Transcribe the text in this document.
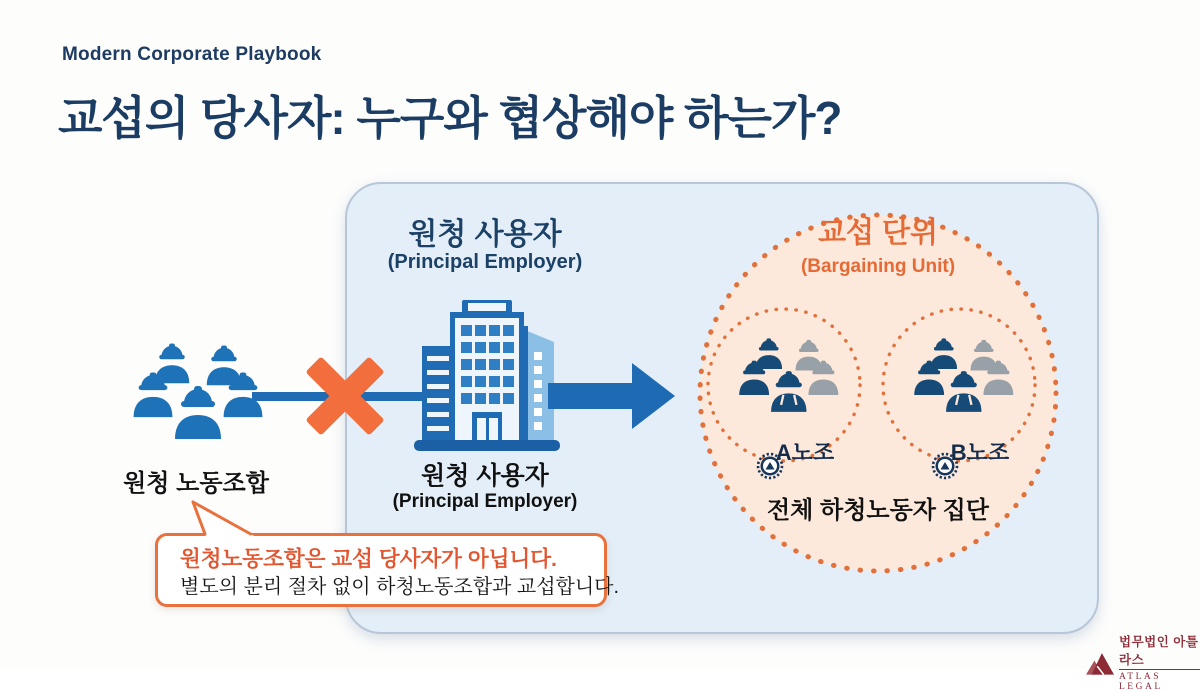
Modern Corporate Playbook
교섭의 당사자: 누구와 협상해야 하는가?
원청 사용자
(Principal Employer)
원청 노동조합	원청 사용자
(Principal Employer)
교섭 단위
(Bargaining Unit)
A노조	B노조
전체 하청노동자 집단
원청노동조합은 교섭 당사자가 아닙니다.
별도의 분리 절차 없이 하청노동조합과 교섭합니다.
법무법인 아틀라스
ATLAS LEGAL
